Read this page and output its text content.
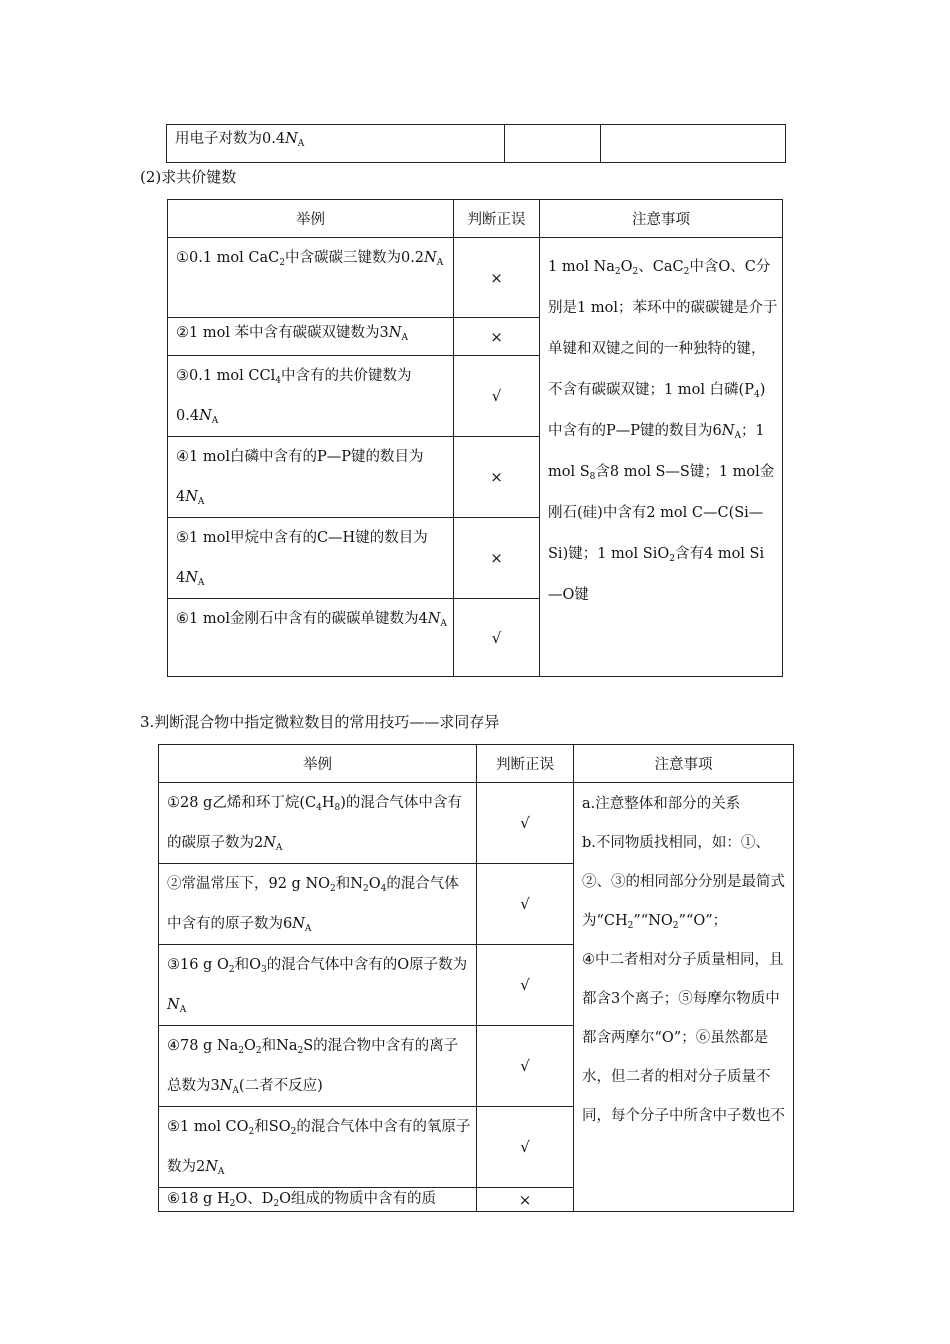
用电子对数为$0.4N_A$		
(2)求共价键数
举例	判断正误	注意事项
①0.1 mol CaC$_2$中含碳碳三键数为$0.2N_A$	×	1 mol $Na_2O_2$、CaC$_2$中含O、C分别是1 mol；苯环中的碳碳键是介于单键和双键之间的一种独特的键，不含有碳碳双键；1 mol 白磷$(P_4)$中含有的P—P键的数目为$6N_A$；1 mol $S_8$含8 mol S—S键；1 mol金刚石(硅)中含有2 mol C—C(Si—Si)键；1 mol SiO$_2$含有4 mol Si—O键
②1 mol 苯中含有碳碳双键数为$3N_A$	×	
③0.1 mol CCl$_4$中含有的共价键数为$0.4N_A$	√	
④1 mol白磷中含有的P—P键的数目为$4N_A$	×	
⑤1 mol甲烷中含有的C—H键的数目为$4N_A$	×	
⑥1 mol金刚石中含有的碳碳单键数为$4N_A$	√	
3.判断混合物中指定微粒数目的常用技巧——求同存异
举例	判断正误	注意事项
①28 g乙烯和环丁烷$(C_4H_8)$的混合气体中含有的碳原子数为$2N_A$	√	a.注意整体和部分的关系
b.不同物质找相同，如：①、②、③的相同部分分别是最简式为“$CH_2”“NO_2”“O$”；
④中二者相对分子质量相同，且都含3个离子；⑤每摩尔物质中都含两摩尔“O”；⑥虽然都是水，但二者的相对分子质量不同，每个分子中所含中子数也不
②常温常压下，92 g $NO_2$和$N_2O_4$的混合气体中含有的原子数为$6N_A$	√	
③16 g $O_2$和$O_3$的混合气体中含有的O原子数为$N_A$	√	
④78 g $Na_2O_2$和$Na_2S$的混合物中含有的离子总数为$3N_A$(二者不反应)	√	
⑤1 mol $CO_2$和$SO_2$的混合气体中含有的氧原子数为$2N_A$	√	
⑥18 g $H_2O$、$D_2O$组成的物质中含有的质	×	
